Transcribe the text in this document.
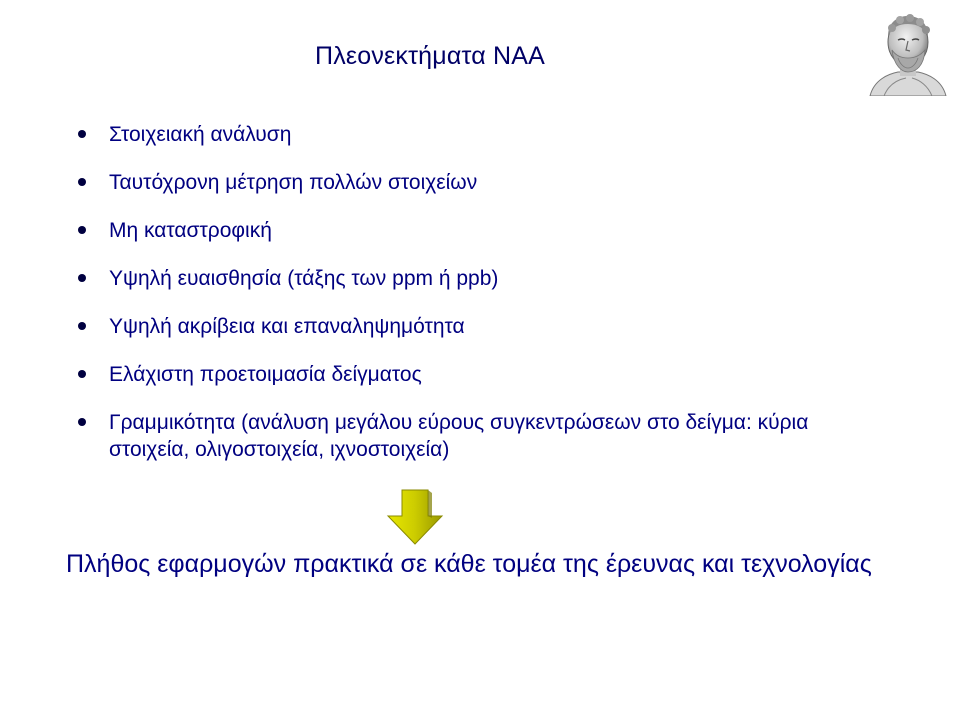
Πλεονεκτήματα ΝΑΑ
Στοιχειακή ανάλυση
Ταυτόχρονη μέτρηση πολλών στοιχείων
Μη καταστροφική
Υψηλή ευαισθησία (τάξης των ppm ή ppb)
Υψηλή ακρίβεια και επαναληψημότητα
Ελάχιστη προετοιμασία δείγματος
Γραμμικότητα (ανάλυση μεγάλου εύρους συγκεντρώσεων στο δείγμα: κύρια στοιχεία, ολιγοστοιχεία, ιχνοστοιχεία)
Πλήθος εφαρμογών πρακτικά σε κάθε τομέα της έρευνας και τεχνολογίας
